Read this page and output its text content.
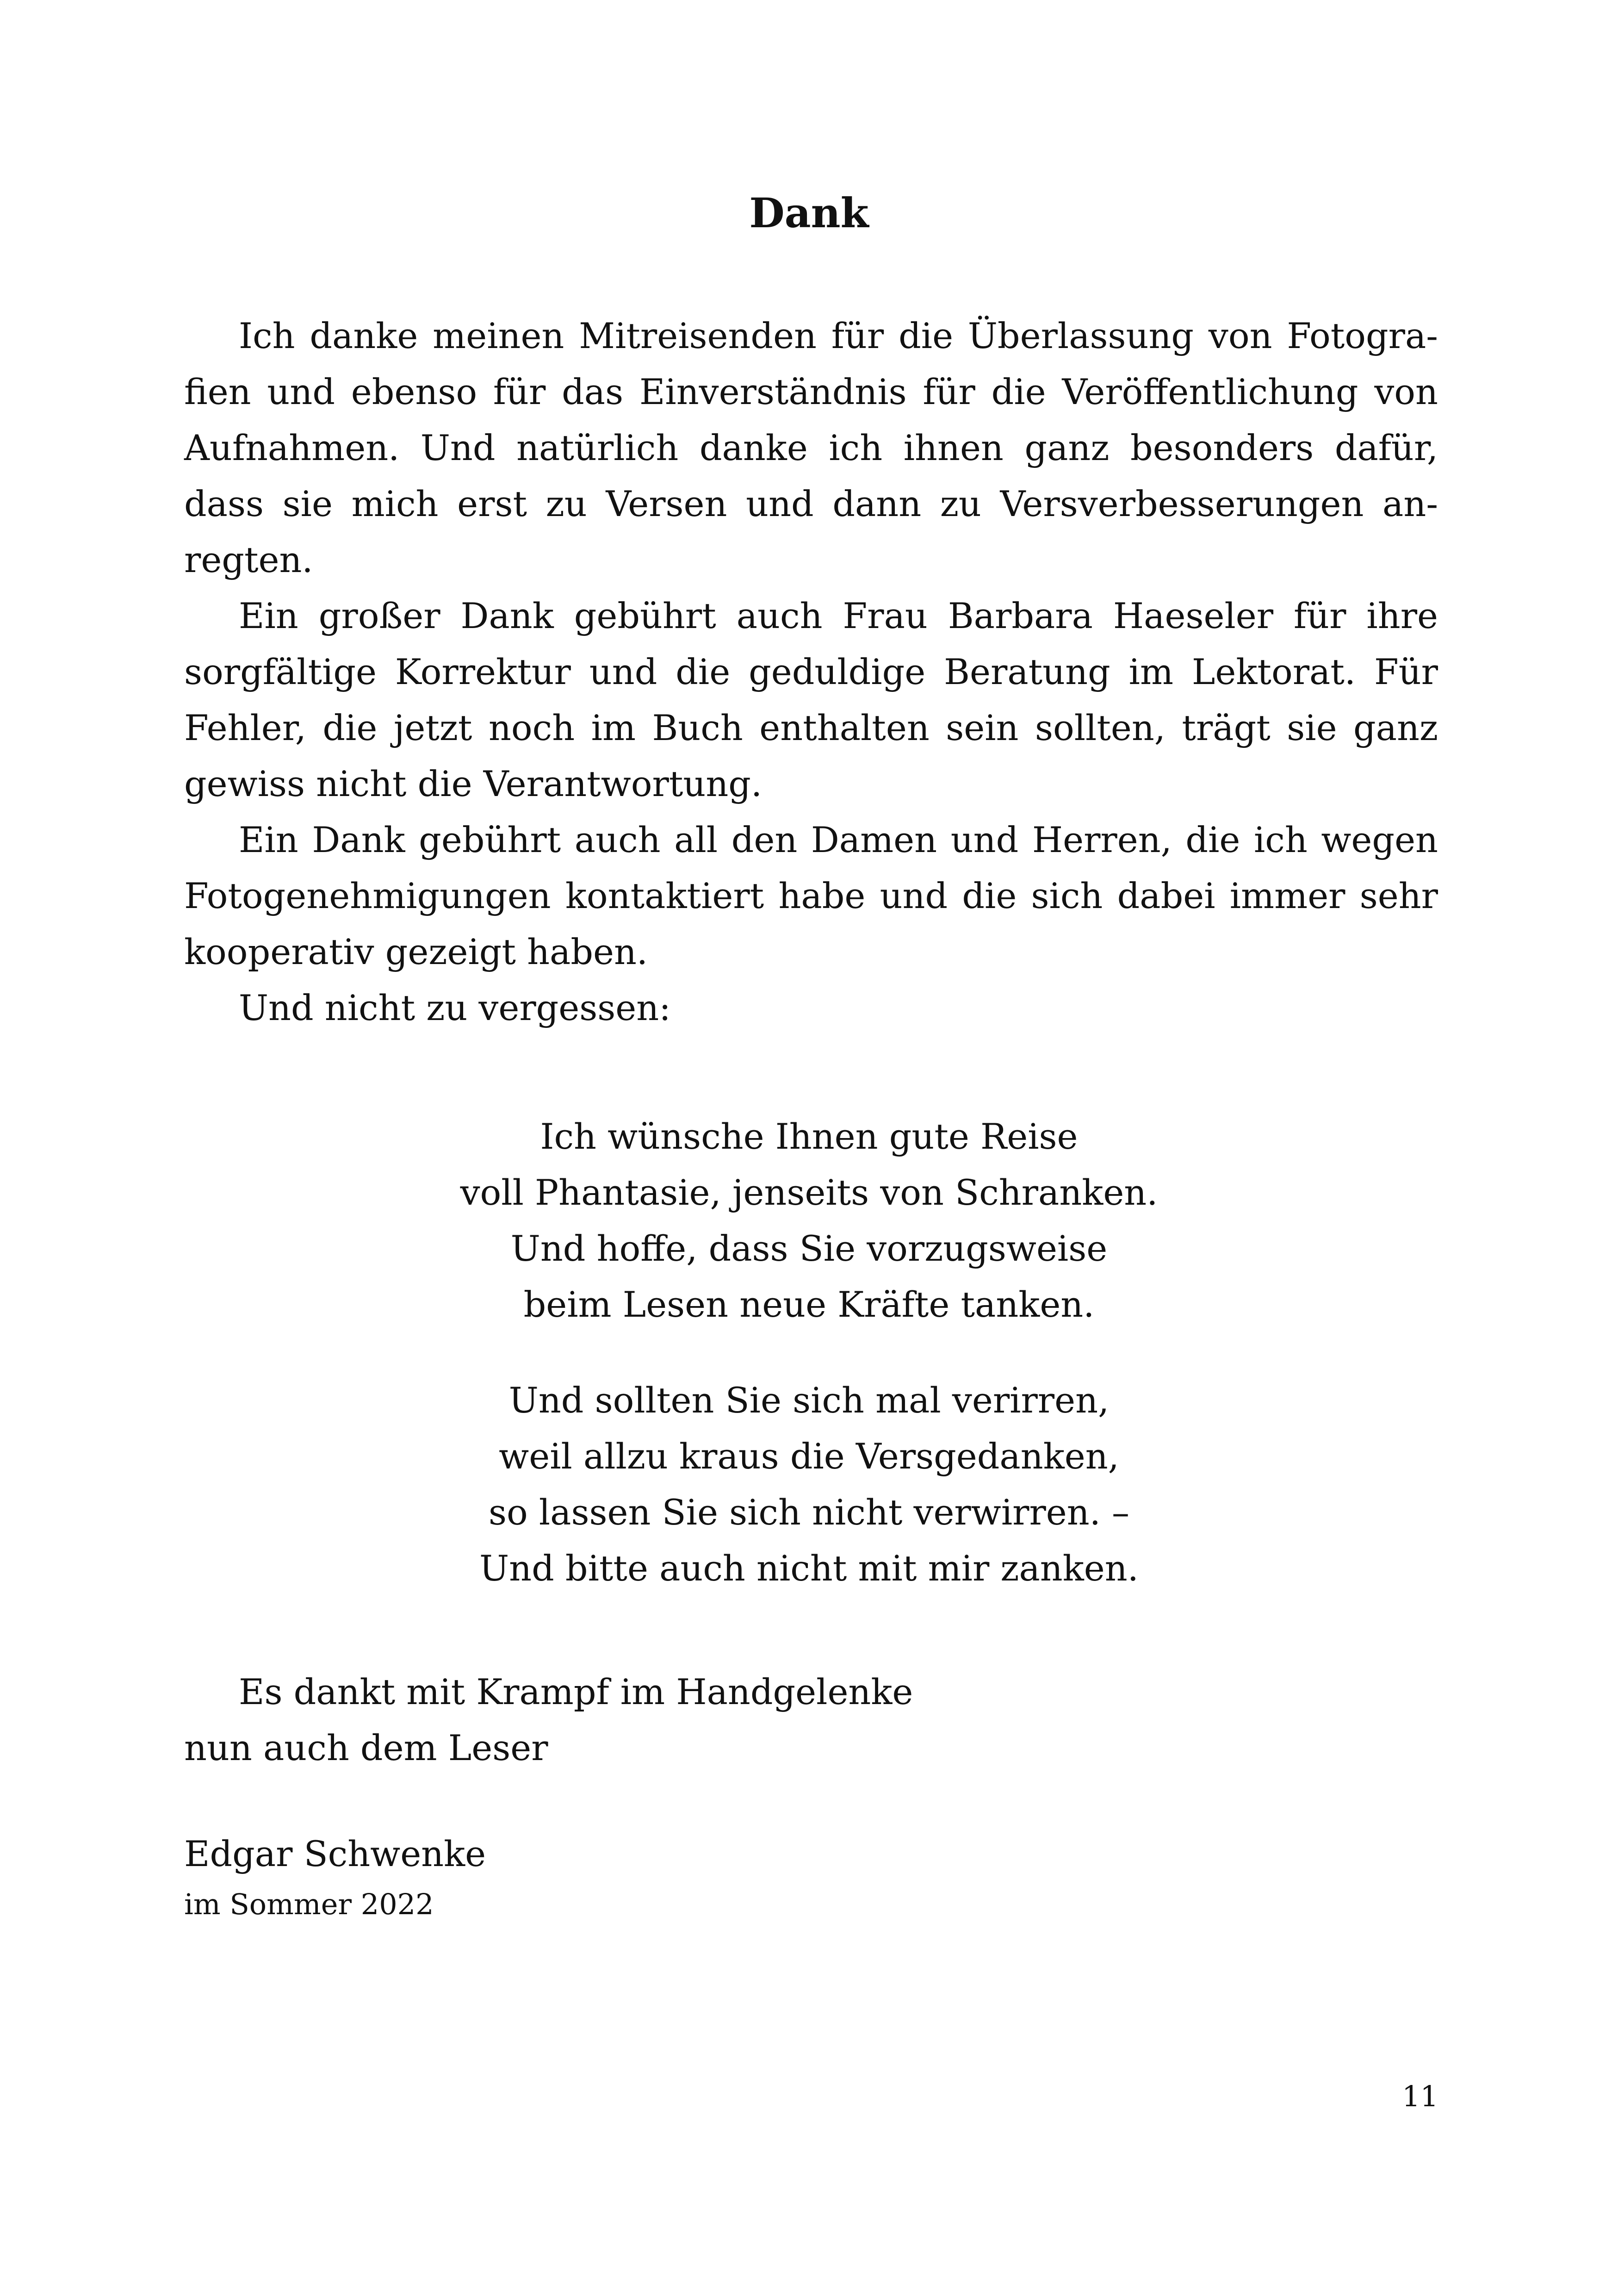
Dank
Ich danke meinen Mitreisenden für die Überlassung von Fotogra-
fien und ebenso für das Einverständnis für die Veröffentlichung von
Aufnahmen. Und natürlich danke ich ihnen ganz besonders dafür,
dass sie mich erst zu Versen und dann zu Versverbesserungen an-
regten.
Ein großer Dank gebührt auch Frau Barbara Haeseler für ihre
sorgfältige Korrektur und die geduldige Beratung im Lektorat. Für
Fehler, die jetzt noch im Buch enthalten sein sollten, trägt sie ganz
gewiss nicht die Verantwortung.
Ein Dank gebührt auch all den Damen und Herren, die ich wegen
Fotogenehmigungen kontaktiert habe und die sich dabei immer sehr
kooperativ gezeigt haben.
Und nicht zu vergessen:
Ich wünsche Ihnen gute Reise
voll Phantasie, jenseits von Schranken.
Und hoffe, dass Sie vorzugsweise
beim Lesen neue Kräfte tanken.
Und sollten Sie sich mal verirren,
weil allzu kraus die Versgedanken,
so lassen Sie sich nicht verwirren. –
Und bitte auch nicht mit mir zanken.
Es dankt mit Krampf im Handgelenke
nun auch dem Leser
Edgar Schwenke
im Sommer 2022
11
